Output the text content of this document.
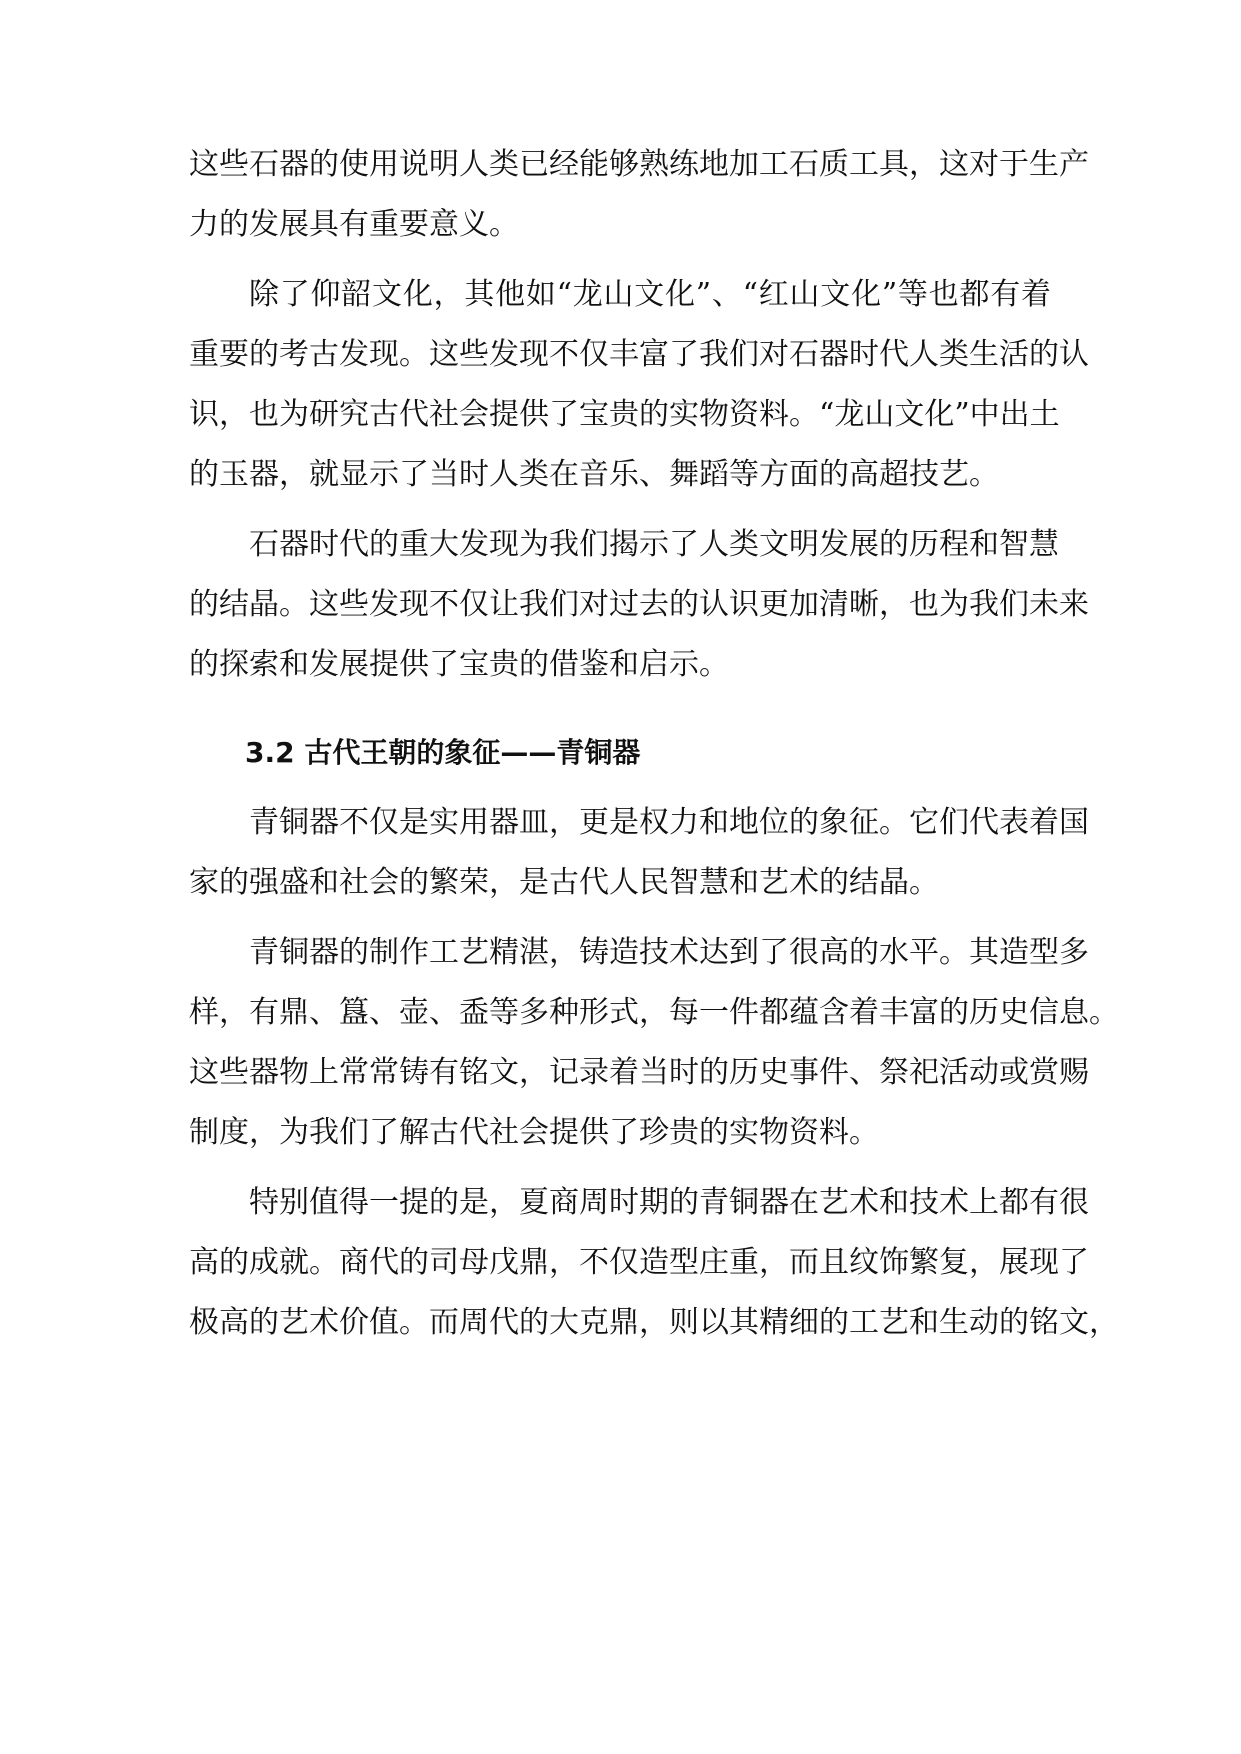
这些石器的使用说明人类已经能够熟练地加工石质工具，这对于生产
力的发展具有重要意义。
除了仰韶文化，其他如“龙山文化”、“红山文化”等也都有着
重要的考古发现。这些发现不仅丰富了我们对石器时代人类生活的认
识，也为研究古代社会提供了宝贵的实物资料。“龙山文化”中出土
的玉器，就显示了当时人类在音乐、舞蹈等方面的高超技艺。
石器时代的重大发现为我们揭示了人类文明发展的历程和智慧
的结晶。这些发现不仅让我们对过去的认识更加清晰，也为我们未来
的探索和发展提供了宝贵的借鉴和启示。
3.2 古代王朝的象征——青铜器
青铜器不仅是实用器皿，更是权力和地位的象征。它们代表着国
家的强盛和社会的繁荣，是古代人民智慧和艺术的结晶。
青铜器的制作工艺精湛，铸造技术达到了很高的水平。其造型多
样，有鼎、簋、壶、盉等多种形式，每一件都蕴含着丰富的历史信息。
这些器物上常常铸有铭文，记录着当时的历史事件、祭祀活动或赏赐
制度，为我们了解古代社会提供了珍贵的实物资料。
特别值得一提的是，夏商周时期的青铜器在艺术和技术上都有很
高的成就。商代的司母戊鼎，不仅造型庄重，而且纹饰繁复，展现了
极高的艺术价值。而周代的大克鼎，则以其精细的工艺和生动的铭文，
